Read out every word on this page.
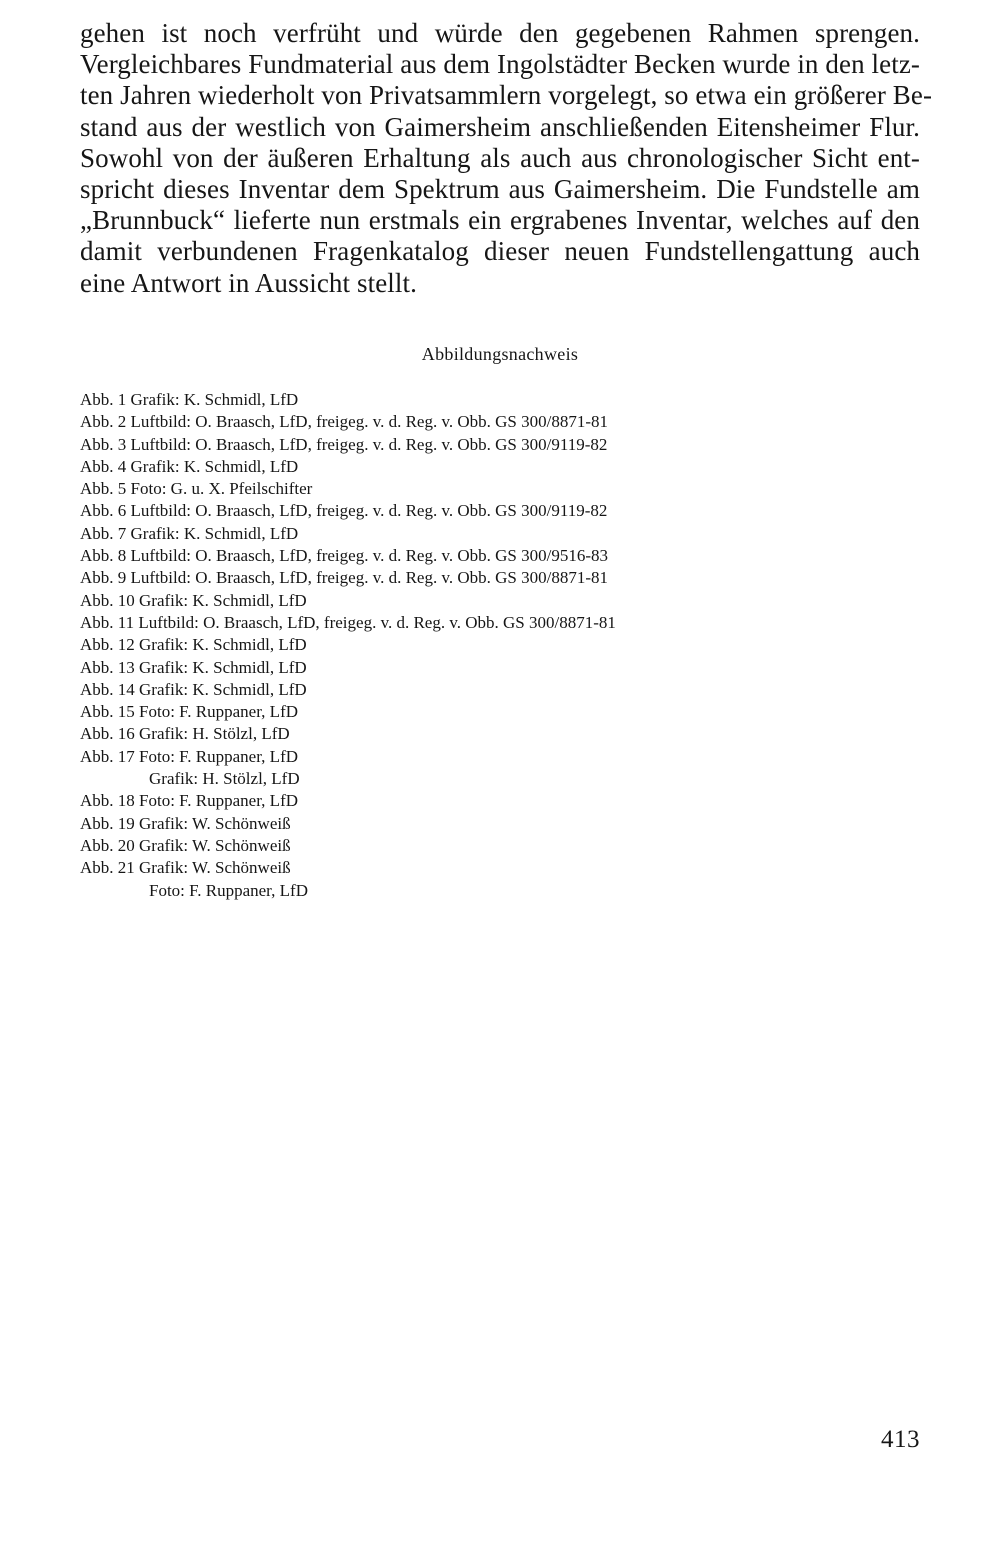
gehen ist noch verfrüht und würde den gegebenen Rahmen sprengen.
Vergleichbares Fundmaterial aus dem Ingolstädter Becken wurde in den letz-
ten Jahren wiederholt von Privatsammlern vorgelegt, so etwa ein größerer Be-
stand aus der westlich von Gaimersheim anschließenden Eitensheimer Flur.
Sowohl von der äußeren Erhaltung als auch aus chronologischer Sicht ent-
spricht dieses Inventar dem Spektrum aus Gaimersheim. Die Fundstelle am
„Brunnbuck“ lieferte nun erstmals ein ergrabenes Inventar, welches auf den
damit verbundenen Fragenkatalog dieser neuen Fundstellengattung auch
eine Antwort in Aussicht stellt.
Abbildungsnachweis
Abb. 1 Grafik: K. Schmidl, LfD
Abb. 2 Luftbild: O. Braasch, LfD, freigeg. v. d. Reg. v. Obb. GS 300/8871-81
Abb. 3 Luftbild: O. Braasch, LfD, freigeg. v. d. Reg. v. Obb. GS 300/9119-82
Abb. 4 Grafik: K. Schmidl, LfD
Abb. 5 Foto: G. u. X. Pfeilschifter
Abb. 6 Luftbild: O. Braasch, LfD, freigeg. v. d. Reg. v. Obb. GS 300/9119-82
Abb. 7 Grafik: K. Schmidl, LfD
Abb. 8 Luftbild: O. Braasch, LfD, freigeg. v. d. Reg. v. Obb. GS 300/9516-83
Abb. 9 Luftbild: O. Braasch, LfD, freigeg. v. d. Reg. v. Obb. GS 300/8871-81
Abb. 10 Grafik: K. Schmidl, LfD
Abb. 11 Luftbild: O. Braasch, LfD, freigeg. v. d. Reg. v. Obb. GS 300/8871-81
Abb. 12 Grafik: K. Schmidl, LfD
Abb. 13 Grafik: K. Schmidl, LfD
Abb. 14 Grafik: K. Schmidl, LfD
Abb. 15 Foto: F. Ruppaner, LfD
Abb. 16 Grafik: H. Stölzl, LfD
Abb. 17 Foto: F. Ruppaner, LfD
Grafik: H. Stölzl, LfD
Abb. 18 Foto: F. Ruppaner, LfD
Abb. 19 Grafik: W. Schönweiß
Abb. 20 Grafik: W. Schönweiß
Abb. 21 Grafik: W. Schönweiß
Foto: F. Ruppaner, LfD
413
